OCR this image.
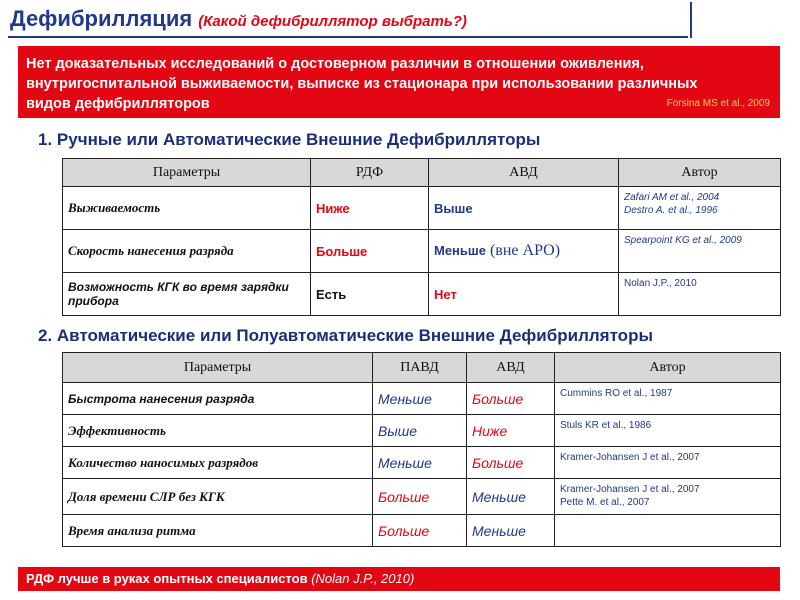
Дефибрилляция (Какой дефибриллятор выбрать?)
Нет доказательных исследований о достоверном различии в отношении оживления, внутригоспитальной выживаемости, выписке из стационара при использовании различных видов дефибрилляторов	Forsina MS et al., 2009
1. Ручные или Автоматические Внешние Дефибрилляторы
Параметры	РДФ	АВД	Автор
Выживаемость	Ниже	Выше	Zafari AM et al., 2004
Destro A. et al., 1996

Скорость нанесения разряда	Больше	Меньше (вне АРО)	Spearpoint KG et al., 2009

Возможность КГК во время зарядки прибора	Есть	Нет	Nolan J.P., 2010
2. Автоматические или Полуавтоматические Внешние Дефибрилляторы
Параметры	ПАВД	АВД	Автор
Быстрота нанесения разряда	Меньше	Больше	Cummins RO et al., 1987

Эффективность	Выше	Ниже	Stuls KR et al., 1986

Количество наносимых разрядов	Меньше	Больше	Kramer-Johansen J et al., 2007

Доля времени СЛР без КГК	Больше	Меньше	Kramer-Johansen J et al., 2007
Pette M. et al., 2007

Время анализа ритма	Больше	Меньше	
РДФ лучше в руках опытных специалистов (Nolan J.P., 2010)
